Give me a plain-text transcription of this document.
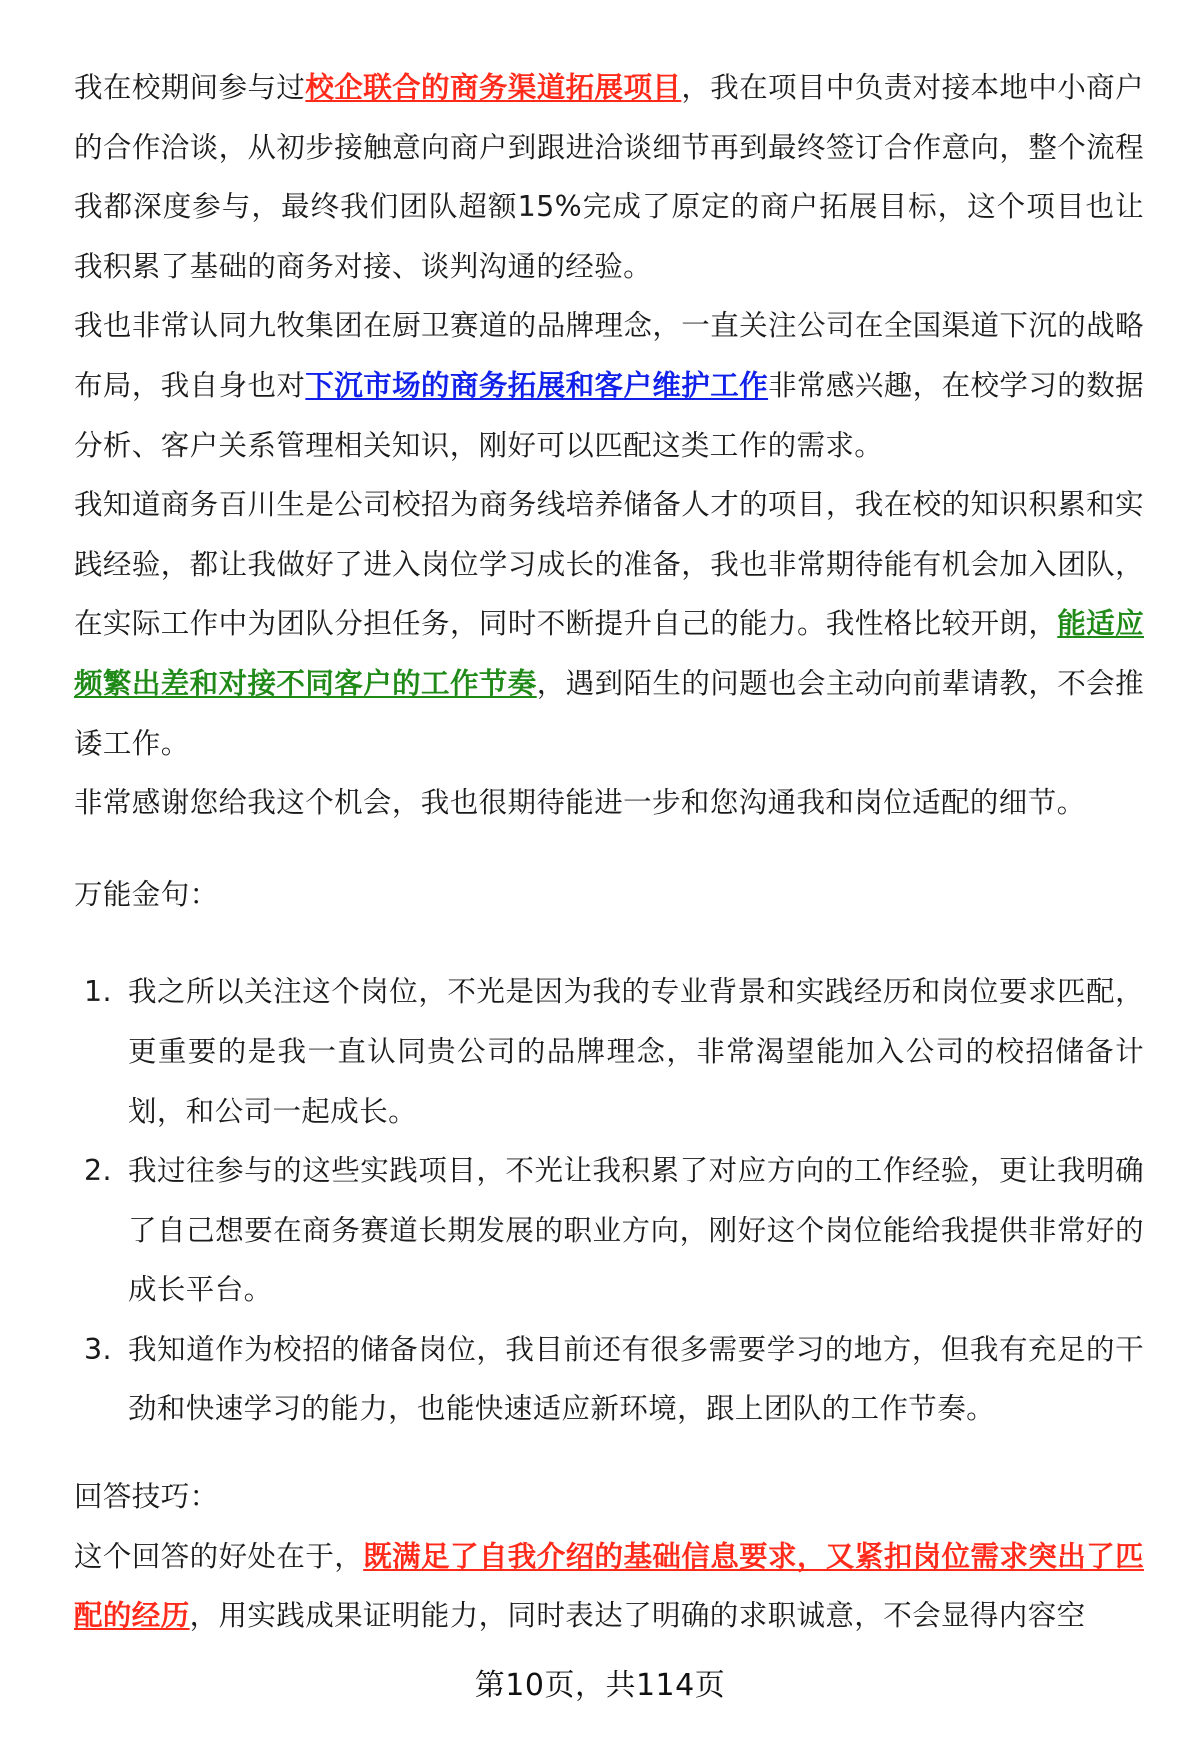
我在校期间参与过校企联合的商务渠道拓展项目，我在项目中负责对接本地中小商户的合作洽谈，从初步接触意向商户到跟进洽谈细节再到最终签订合作意向，整个流程我都深度参与，最终我们团队超额15%完成了原定的商户拓展目标，这个项目也让我积累了基础的商务对接、谈判沟通的经验。

我也非常认同九牧集团在厨卫赛道的品牌理念，一直关注公司在全国渠道下沉的战略布局，我自身也对下沉市场的商务拓展和客户维护工作非常感兴趣，在校学习的数据分析、客户关系管理相关知识，刚好可以匹配这类工作的需求。

我知道商务百川生是公司校招为商务线培养储备人才的项目，我在校的知识积累和实践经验，都让我做好了进入岗位学习成长的准备，我也非常期待能有机会加入团队，在实际工作中为团队分担任务，同时不断提升自己的能力。我性格比较开朗，能适应频繁出差和对接不同客户的工作节奏，遇到陌生的问题也会主动向前辈请教，不会推诿工作。

非常感谢您给我这个机会，我也很期待能进一步和您沟通我和岗位适配的细节。

万能金句：

1. 我之所以关注这个岗位，不光是因为我的专业背景和实践经历和岗位要求匹配，更重要的是我一直认同贵公司的品牌理念，非常渴望能加入公司的校招储备计划，和公司一起成长。
2. 我过往参与的这些实践项目，不光让我积累了对应方向的工作经验，更让我明确了自己想要在商务赛道长期发展的职业方向，刚好这个岗位能给我提供非常好的成长平台。
3. 我知道作为校招的储备岗位，我目前还有很多需要学习的地方，但我有充足的干劲和快速学习的能力，也能快速适应新环境，跟上团队的工作节奏。

回答技巧：

这个回答的好处在于，既满足了自我介绍的基础信息要求，又紧扣岗位需求突出了匹配的经历，用实践成果证明能力，同时表达了明确的求职诚意，不会显得内容空

第10页，共114页
